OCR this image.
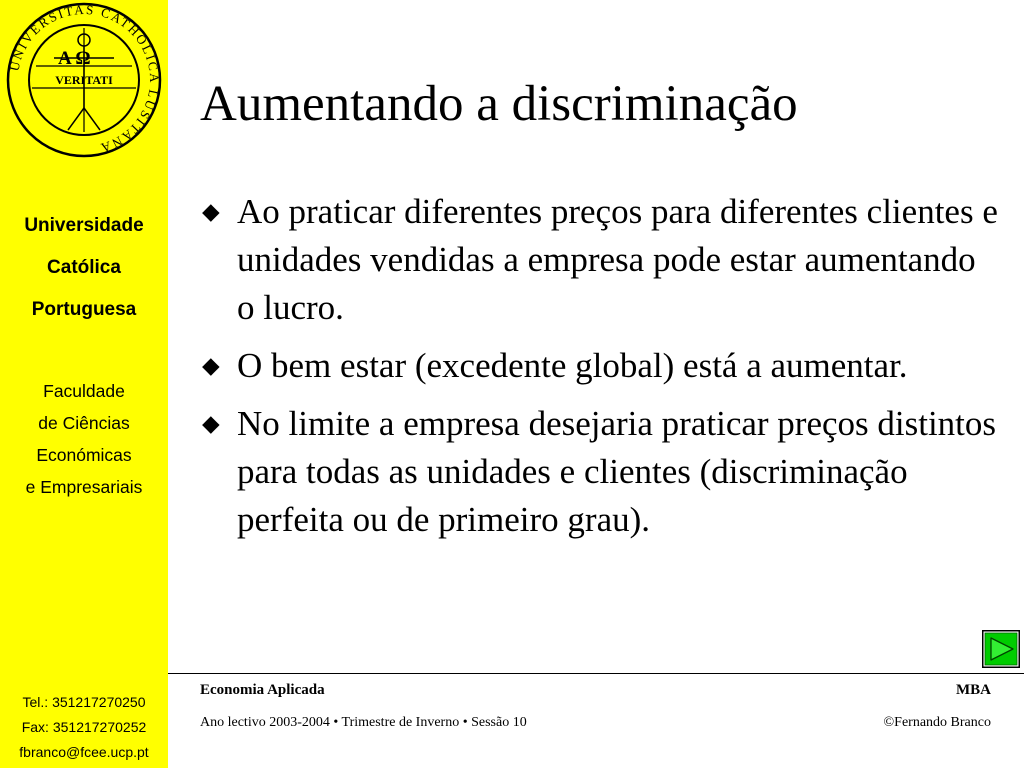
UNIVERSITAS CATHOLICA LUSITANA
A Ω
VERITATI
Universidade
Católica
Portuguesa
Faculdade
de Ciências
Económicas
e Empresariais
Tel.: 351217270250
Fax: 351217270252
fbranco@fcee.ucp.pt
Aumentando a discriminação
◆ Ao praticar diferentes preços para diferentes clientes e unidades vendidas a empresa pode estar aumentando o lucro.
◆ O bem estar (excedente global) está a aumentar.
◆ No limite a empresa desejaria praticar preços distintos para todas as unidades e clientes (discriminação perfeita ou de primeiro grau).
Economia Aplicada	MBA
Ano lectivo 2003-2004 • Trimestre de Inverno • Sessão 10	©Fernando Branco
